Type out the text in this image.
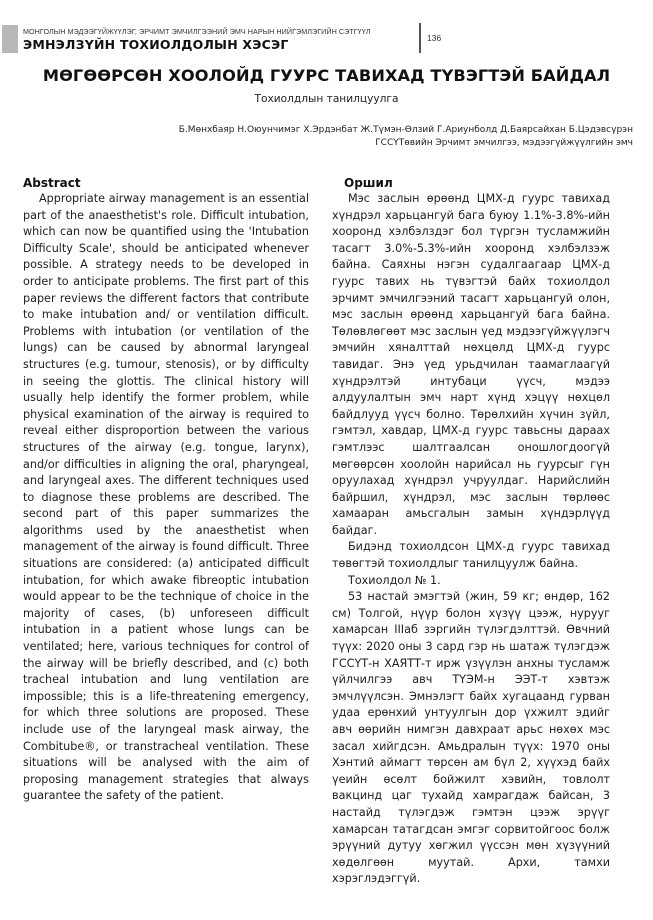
МОНГОЛЫН МЭДЭЭГҮЙЖҮҮЛЭГ, ЭРЧИМТ ЭМЧИЛГЭЭНИЙ ЭМЧ НАРЫН НИЙГЭМЛЭГИЙН СЭТГҮҮЛ
ЭМНЭЛЗҮЙН ТОХИОЛДОЛЫН ХЭСЭГ	136
МӨГӨӨРСӨН ХООЛОЙД ГУУРС ТАВИХАД ТҮВЭГТЭЙ БАЙДАЛ
Тохиолдлын танилцуулга
Б.Мөнхбаяр Н.Оюунчимэг Х.Эрдэнбат Ж.Түмэн-Өлзий Г.Ариунболд Д.Баярсайхан Б.Цэдэвсүрэн
ГССҮТөвийн Эрчимт эмчилгээ, мэдээгүйжүүлгийн эмч
Abstract

Appropriate airway management is an essential part of the anaesthetist's role. Difficult intubation, which can now be quantified using the 'Intubation Difficulty Scale', should be anticipated whenever possible. A strategy needs to be developed in order to anticipate problems. The first part of this paper reviews the different factors that contribute to make intubation and/ or ventilation difficult. Problems with intubation (or ventilation of the lungs) can be caused by abnormal laryngeal structures (e.g. tumour, stenosis), or by difficulty in seeing the glottis. The clinical history will usually help identify the former problem, while physical examination of the airway is required to reveal either disproportion between the various structures of the airway (e.g. tongue, larynx), and/or difficulties in aligning the oral, pharyngeal, and laryngeal axes. The different techniques used to diagnose these problems are described. The second part of this paper summarizes the algorithms used by the anaesthetist when management of the airway is found difficult. Three situations are considered: (a) anticipated difficult intubation, for which awake fibreoptic intubation would appear to be the technique of choice in the majority of cases, (b) unforeseen difficult intubation in a patient whose lungs can be ventilated; here, various techniques for control of the airway will be briefly described, and (c) both tracheal intubation and lung ventilation are impossible; this is a life-threatening emergency, for which three solutions are proposed. These include use of the laryngeal mask airway, the Combitube®, or transtracheal ventilation. These situations will be analysed with the aim of proposing management strategies that always guarantee the safety of the patient.

Оршил

Мэс заслын өрөөнд ЦМХ-д гуурс тавихад хүндрэл харьцангуй бага буюу 1.1%-3.8%-ийн хооронд хэлбэлздэг бол түргэн тусламжийн тасагт 3.0%-5.3%-ийн хооронд хэлбэлзэж байна. Саяхны нэгэн судалгаагаар ЦМХ-д гуурс тавих нь түвэгтэй байх тохиолдол эрчимт эмчилгээний тасагт харьцангуй олон, мэс заслын өрөөнд харьцангуй бага байна. Төлөвлөгөөт мэс заслын үед мэдээгүйжүүлэгч эмчийн хяналттай нөхцөлд ЦМХ-д гуурс тавидаг. Энэ үед урьдчилан таамаглаагүй хүндрэлтэй интубаци үүсч, мэдээ алдуулалтын эмч нарт хүнд хэцүү нөхцөл байдлууд үүсч болно. Төрөлхийн хүчин зүйл, гэмтэл, хавдар, ЦМХ-д гуурс тавьсны дараах гэмтлээс шалтгаалсан оношлогдоогүй мөгөөрсөн хоолойн нарийсал нь гуурсыг гүн оруулахад хүндрэл учруулдаг. Нарийслийн байршил, хүндрэл, мэс заслын төрлөөс хамааран амьсгалын замын хүндэрлүүд байдаг.

Бидэнд тохиолдсон ЦМХ-д гуурс тавихад төвөгтэй тохиолдлыг танилцуулж байна.

Тохиолдол № 1.

53 настай эмэгтэй (жин, 59 кг; өндөр, 162 см) Толгой, нүүр болон хүзүү цээж, нурууг хамарсан IIIаб зэргийн түлэгдэлттэй. Өвчний түүх: 2020 оны 3 сард гэр нь шатаж түлэгдэж ГССҮТ-н ХАЯТТ-т ирж үзүүлэн анхны тусламж үйлчилгээ авч ТҮЭМ-н ЭЭТ-т хэвтэж эмчлүүлсэн. Эмнэлэгт байх хугацаанд гурван удаа ерөнхий унтуулгын дор үхжилт эдийг авч өөрийн нимгэн давхраат арьс нөхөх мэс засал хийгдсэн. Амьдралын түүх: 1970 оны Хэнтий аймагт төрсөн ам бүл 2, хүүхэд байх үеийн өсөлт бойжилт хэвийн, товлолт вакцинд цаг тухайд хамрагдаж байсан, 3 настайд түлэгдэж гэмтэн цээж эрүүг хамарсан татагдсан эмгэг сорвитойгоос болж эрүүний дутуу хөгжил үүссэн мөн хүзүүний хөдөлгөөн муутай. Архи, тамхи хэрэглэдэггүй.
